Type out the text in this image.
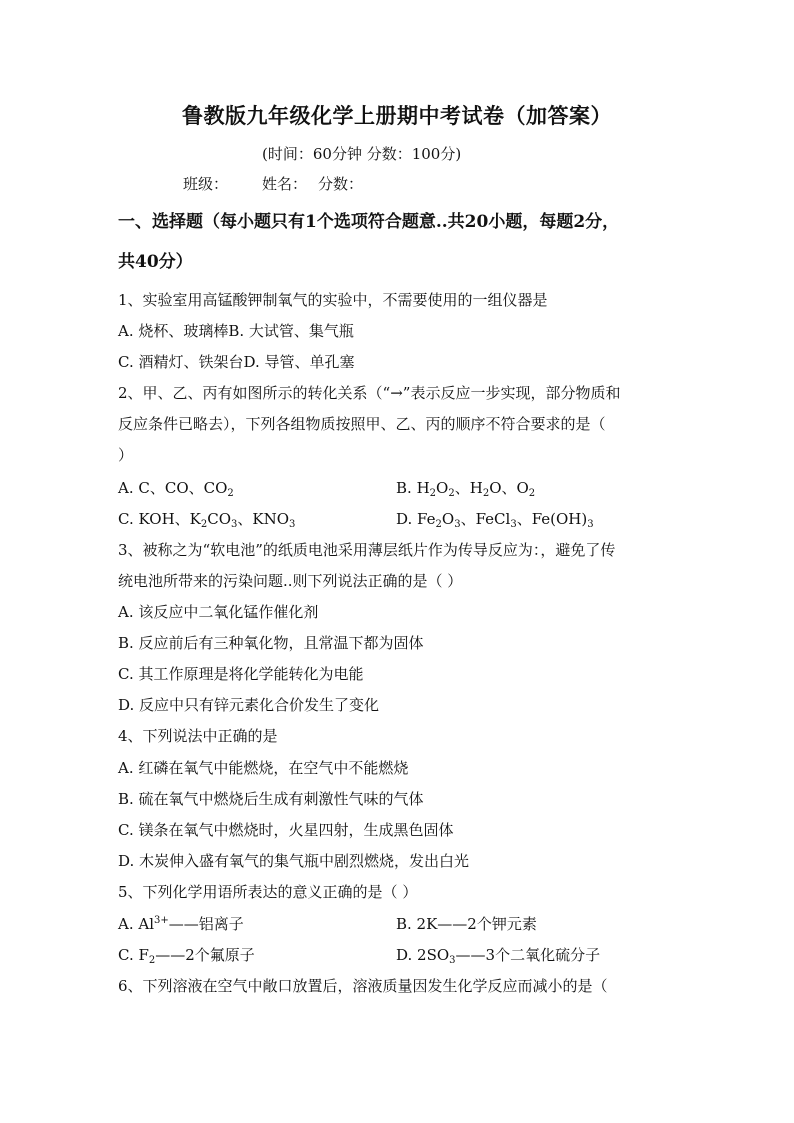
鲁教版九年级化学上册期中考试卷（加答案）
(时间：60分钟 分数：100分)
班级： 姓名： 分数：
一、选择题（每小题只有1个选项符合题意..共20小题，每题2分，
共40分）
1、实验室用高锰酸钾制氧气的实验中，不需要使用的一组仪器是
A. 烧杯、玻璃棒B. 大试管、集气瓶
C. 酒精灯、铁架台D. 导管、单孔塞
2、甲、乙、丙有如图所示的转化关系（“→”表示反应一步实现，部分物质和
反应条件已略去），下列各组物质按照甲、乙、丙的顺序不符合要求的是（
）
A. C、CO、$CO_2$	B. $H_2O_2$、$H_2O$、$O_2$
C. KOH、$K_2CO_3$、$KNO_3$	D. $Fe_2O_3$、FeCl$_3$、$Fe(OH)_3$
3、被称之为“软电池”的纸质电池采用薄层纸片作为传导反应为：，避免了传
统电池所带来的污染问题..则下列说法正确的是（ ）
A. 该反应中二氧化锰作催化剂
B. 反应前后有三种氧化物，且常温下都为固体
C. 其工作原理是将化学能转化为电能
D. 反应中只有锌元素化合价发生了变化
4、下列说法中正确的是
A. 红磷在氧气中能燃烧，在空气中不能燃烧
B. 硫在氧气中燃烧后生成有刺激性气味的气体
C. 镁条在氧气中燃烧时，火星四射，生成黑色固体
D. 木炭伸入盛有氧气的集气瓶中剧烈燃烧，发出白光
5、下列化学用语所表达的意义正确的是（ ）
A. $Al^{3+}——$铝离子	B. 2K——2个钾元素
C. $F_2——2$个氟原子	D. $2SO_3——3$个二氧化硫分子
6、下列溶液在空气中敞口放置后，溶液质量因发生化学反应而减小的是（
